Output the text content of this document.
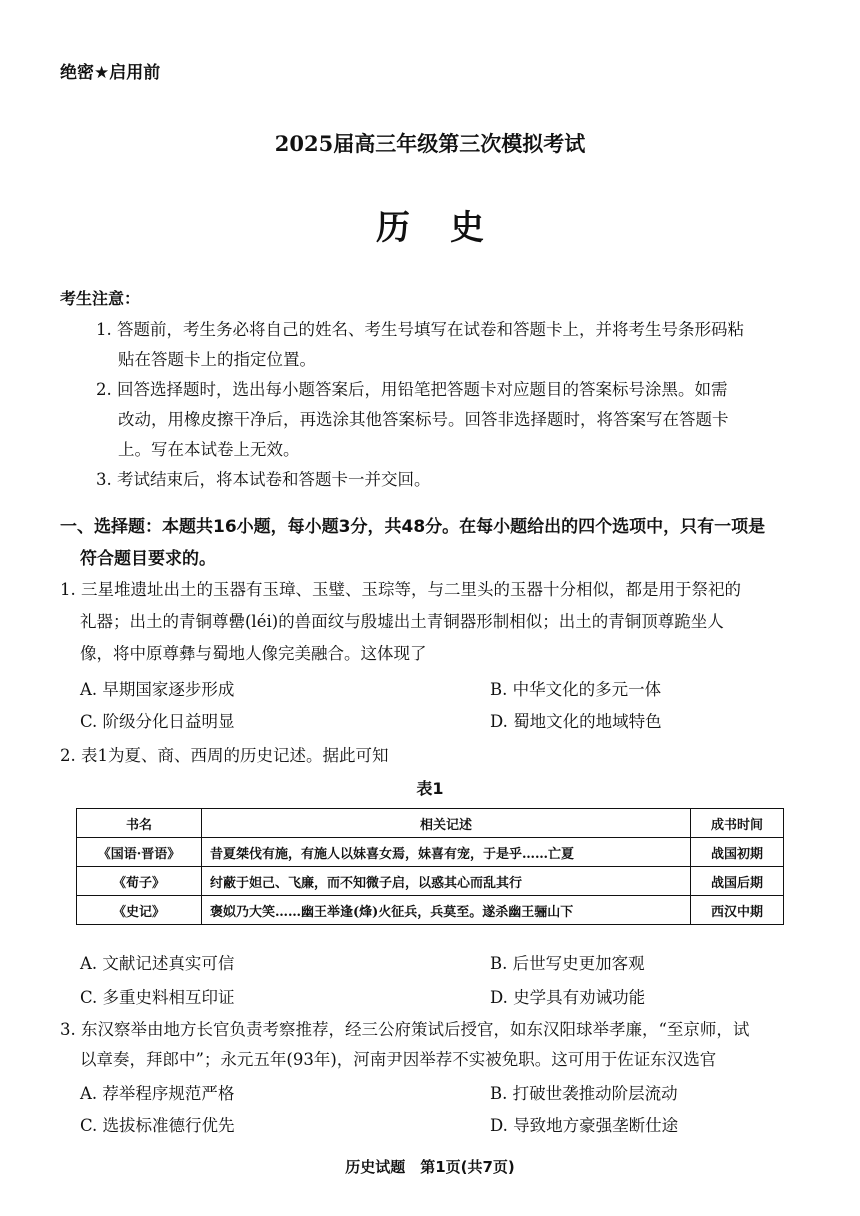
绝密★启用前
2025届高三年级第三次模拟考试
历史
考生注意：
1. 答题前，考生务必将自己的姓名、考生号填写在试卷和答题卡上，并将考生号条形码粘
贴在答题卡上的指定位置。
2. 回答选择题时，选出每小题答案后，用铅笔把答题卡对应题目的答案标号涂黑。如需
改动，用橡皮擦干净后，再选涂其他答案标号。回答非选择题时，将答案写在答题卡
上。写在本试卷上无效。
3. 考试结束后，将本试卷和答题卡一并交回。
一、选择题：本题共16小题，每小题3分，共48分。在每小题给出的四个选项中，只有一项是
符合题目要求的。
1. 三星堆遗址出土的玉器有玉璋、玉璧、玉琮等，与二里头的玉器十分相似，都是用于祭祀的
礼器；出土的青铜尊罍(léi)的兽面纹与殷墟出土青铜器形制相似；出土的青铜顶尊跪坐人
像，将中原尊彝与蜀地人像完美融合。这体现了
A. 早期国家逐步形成	B. 中华文化的多元一体
C. 阶级分化日益明显	D. 蜀地文化的地域特色
2. 表1为夏、商、西周的历史记述。据此可知
表1
书名	相关记述	成书时间
《国语·晋语》	昔夏桀伐有施，有施人以妹喜女焉，妹喜有宠，于是乎……亡夏	战国初期
《荀子》	纣蔽于妲己、飞廉，而不知微子启，以惑其心而乱其行	战国后期
《史记》	褒姒乃大笑……幽王举逢(烽)火征兵，兵莫至。遂杀幽王骊山下	西汉中期
A. 文献记述真实可信	B. 后世写史更加客观
C. 多重史料相互印证	D. 史学具有劝诫功能
3. 东汉察举由地方长官负责考察推荐，经三公府策试后授官，如东汉阳球举孝廉，“至京师，试
以章奏，拜郎中”；永元五年(93年)，河南尹因举荐不实被免职。这可用于佐证东汉选官
A. 荐举程序规范严格	B. 打破世袭推动阶层流动
C. 选拔标准德行优先	D. 导致地方豪强垄断仕途
历史试题　第1页(共7页)
